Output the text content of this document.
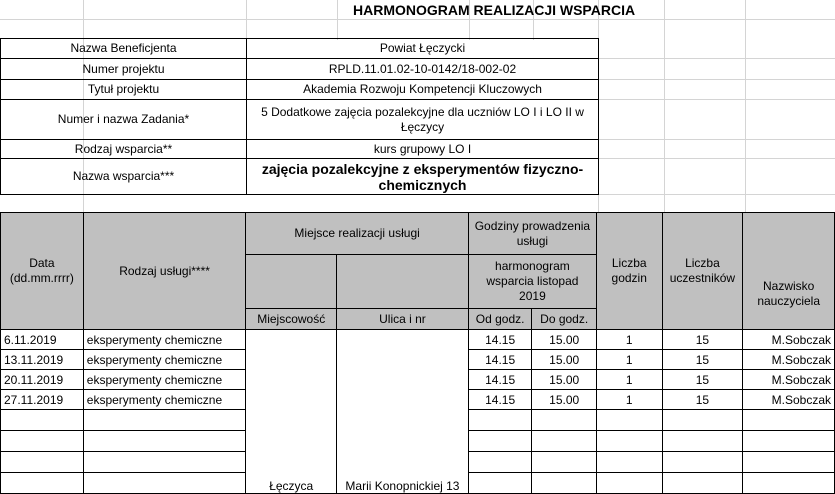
HARMONOGRAM REALIZACJI WSPARCIA
Nazwa Beneficjenta	Powiat Łęczycki
Numer projektu	RPLD.11.01.02-10-0142/18-002-02
Tytuł projektu	Akademia Rozwoju Kompetencji Kluczowych
Numer i nazwa Zadania*	5 Dodatkowe zajęcia pozalekcyjne dla uczniów LO I i LO II w Łęczycy
Rodzaj wsparcia**	kurs grupowy LO I
Nazwa wsparcia***	zajęcia pozalekcyjne z eksperymentów fizyczno-chemicznych
Data (dd.mm.rrrr)	Rodzaj usługi****	Miejsce realizacji usługi		Godziny prowadzenia usługi		Liczba godzin	Liczba uczestników	Nazwisko nauczyciela
				harmonogram wsparcia listopad 2019				
		Miejscowość	Ulica i nr	Od godz.	Do godz.			
6.11.2019	eksperymenty chemiczne	Łęczyca	Marii Konopnickiej 13	14.15	15.00	1	15	M.Sobczak
13.11.2019	eksperymenty chemiczne			14.15	15.00	1	15	M.Sobczak
20.11.2019	eksperymenty chemiczne			14.15	15.00	1	15	M.Sobczak
27.11.2019	eksperymenty chemiczne			14.15	15.00	1	15	M.Sobczak
